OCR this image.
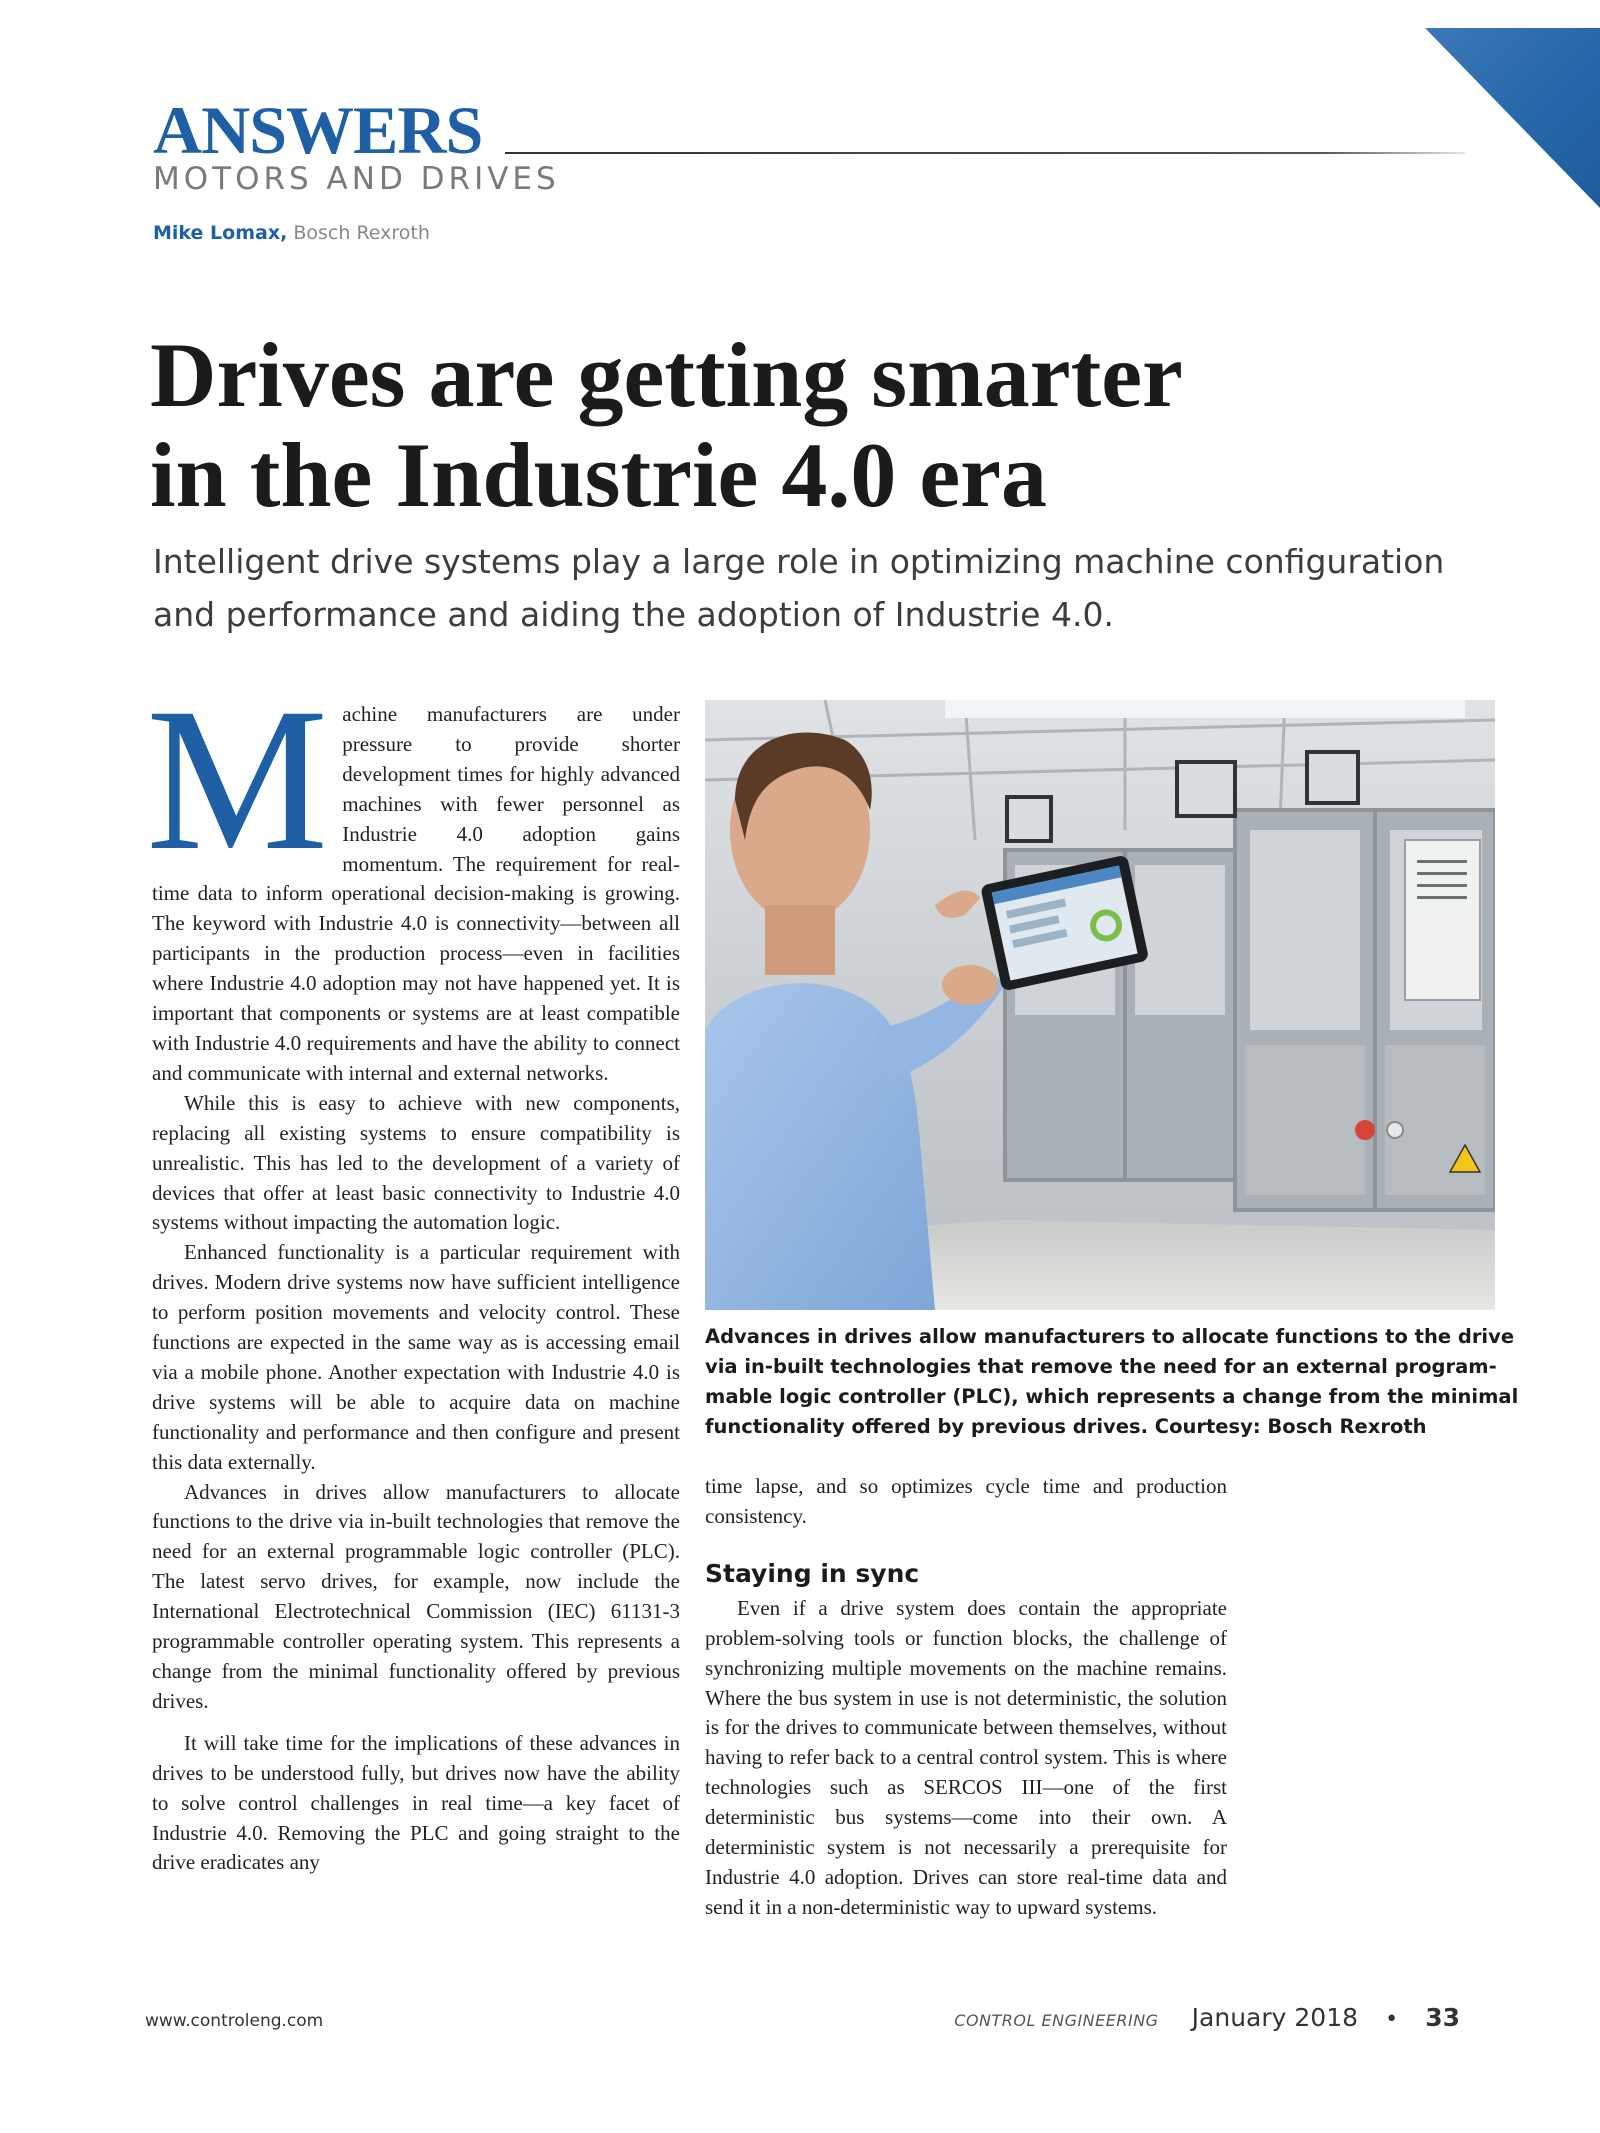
ANSWERS
MOTORS AND DRIVES
Mike Lomax, Bosch Rexroth
Drives are getting smarter
in the Industrie 4.0 era
Intelligent drive systems play a large role in optimizing machine configuration
and performance and aiding the adoption of Industrie 4.0.

Machine manufacturers are under pressure to provide shorter development times for highly advanced machines with fewer personnel as Industrie 4.0 adoption gains momentum. The requirement for real-time data to inform operational decision-making is growing. The keyword with Industrie 4.0 is connectivity—between all participants in the production process—even in facilities where Industrie 4.0 adoption may not have happened yet. It is important that components or systems are at least compatible with Industrie 4.0 requirements and have the ability to connect and communicate with internal and external networks.

While this is easy to achieve with new components, replacing all existing systems to ensure compatibility is unrealistic. This has led to the development of a variety of devices that offer at least basic connectivity to Industrie 4.0 systems without impacting the automation logic.

Enhanced functionality is a particular requirement with drives. Modern drive systems now have sufficient intelligence to perform position movements and velocity control. These functions are expected in the same way as is accessing email via a mobile phone. Another expectation with Industrie 4.0 is drive systems will be able to acquire data on machine functionality and performance and then configure and present this data externally.

Advances in drives allow manufacturers to allocate functions to the drive via in-built technologies that remove the need for an external programmable logic controller (PLC). The latest servo drives, for example, now include the International Electrotechnical Commission (IEC) 61131-3 programmable controller operating system. This represents a change from the minimal functionality offered by previous drives.

It will take time for the implications of these advances in drives to be understood fully, but drives now have the ability to solve control challenges in real time—a key facet of Industrie 4.0. Removing the PLC and going straight to the drive eradicates any

Advances in drives allow manufacturers to allocate functions to the drive
via in-built technologies that remove the need for an external program-
mable logic controller (PLC), which represents a change from the minimal
functionality offered by previous drives. Courtesy: Bosch Rexroth

time lapse, and so optimizes cycle time and production consistency.

Staying in sync

Even if a drive system does contain the appropriate problem-solving tools or function blocks, the challenge of synchronizing multiple movements on the machine remains. Where the bus system in use is not deterministic, the solution is for the drives to communicate between themselves, without having to refer back to a central control system. This is where technologies such as SERCOS III—one of the first deterministic bus systems—come into their own. A deterministic system is not necessarily a prerequisite for Industrie 4.0 adoption. Drives can store real-time data and send it in a non-deterministic way to upward systems.

www.controleng.com	CONTROL ENGINEERING January 2018 • 33
